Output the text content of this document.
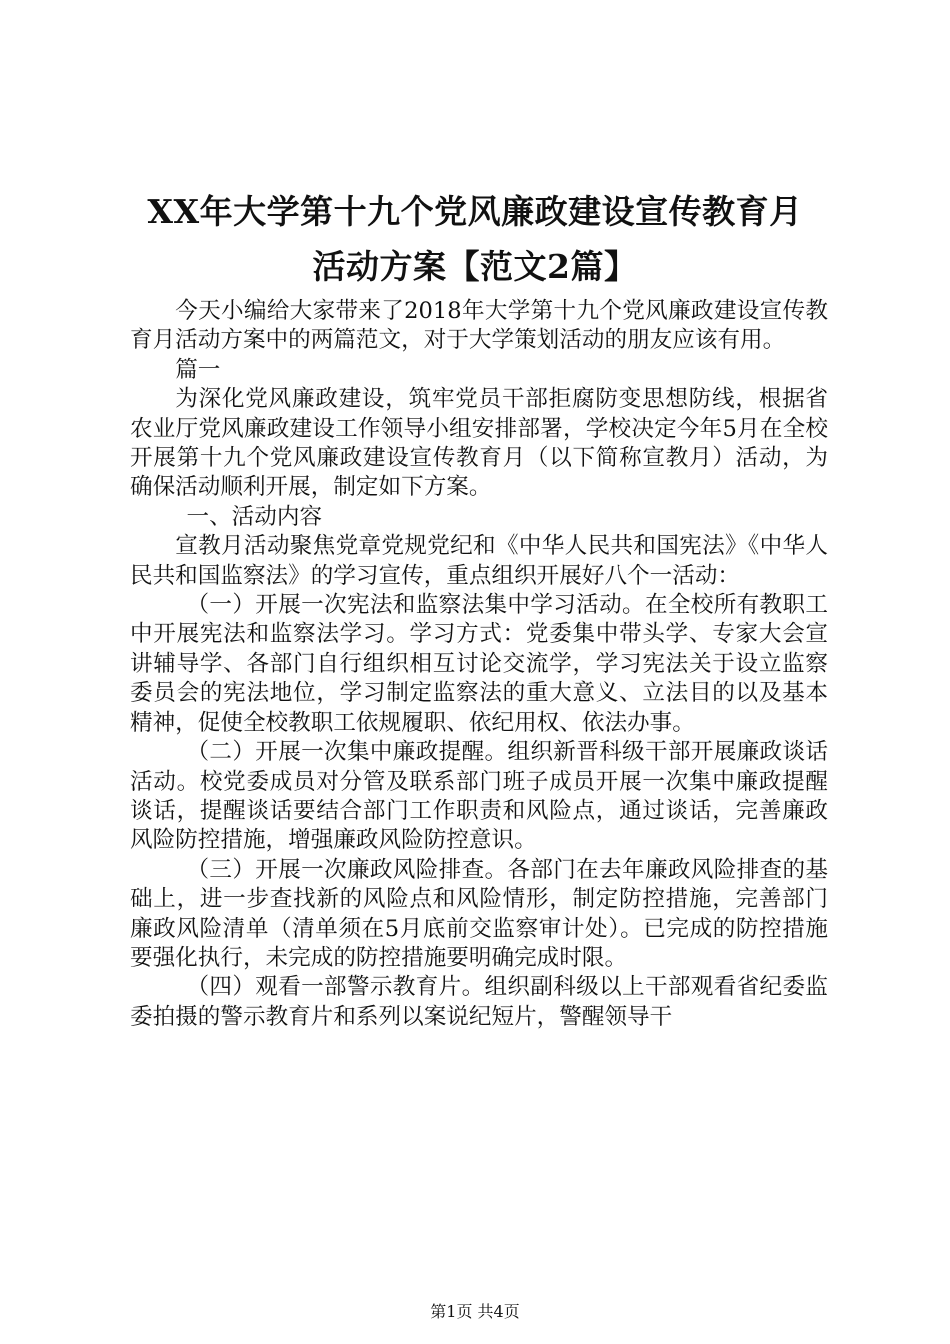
XX年大学第十九个党风廉政建设宣传教育月
活动方案【范文2篇】

今天小编给大家带来了2018年大学第十九个党风廉政建设宣传教育月活动方案中的两篇范文，对于大学策划活动的朋友应该有用。

篇一

为深化党风廉政建设，筑牢党员干部拒腐防变思想防线，根据省农业厅党风廉政建设工作领导小组安排部署，学校决定今年5月在全校开展第十九个党风廉政建设宣传教育月（以下简称宣教月）活动，为确保活动顺利开展，制定如下方案。

一、活动内容

宣教月活动聚焦党章党规党纪和《中华人民共和国宪法》《中华人民共和国监察法》的学习宣传，重点组织开展好八个一活动：

（一）开展一次宪法和监察法集中学习活动。在全校所有教职工中开展宪法和监察法学习。学习方式：党委集中带头学、专家大会宣讲辅导学、各部门自行组织相互讨论交流学，学习宪法关于设立监察委员会的宪法地位，学习制定监察法的重大意义、立法目的以及基本精神，促使全校教职工依规履职、依纪用权、依法办事。

（二）开展一次集中廉政提醒。组织新晋科级干部开展廉政谈话活动。校党委成员对分管及联系部门班子成员开展一次集中廉政提醒谈话，提醒谈话要结合部门工作职责和风险点，通过谈话，完善廉政风险防控措施，增强廉政风险防控意识。

（三）开展一次廉政风险排查。各部门在去年廉政风险排查的基础上，进一步查找新的风险点和风险情形，制定防控措施，完善部门廉政风险清单（清单须在5月底前交监察审计处）。已完成的防控措施要强化执行，未完成的防控措施要明确完成时限。

（四）观看一部警示教育片。组织副科级以上干部观看省纪委监委拍摄的警示教育片和系列以案说纪短片，警醒领导干

第1页 共4页
